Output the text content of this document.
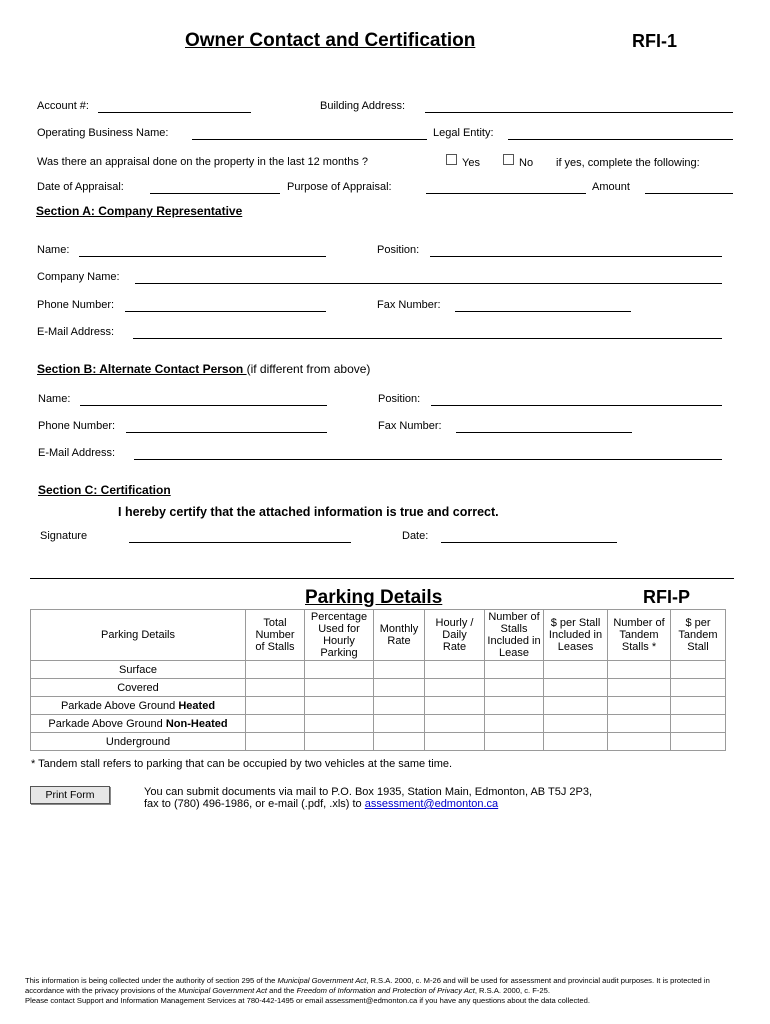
Owner Contact and Certification	RFI-1
Account #:	Building Address:
Operating Business Name:	Legal Entity:
Was there an appraisal done on the property in the last 12 months ?	Yes	No if yes, complete the following:
Date of Appraisal:	Purpose of Appraisal:	Amount
Section A: Company Representative
Name:	Position:
Company Name:
Phone Number:	Fax Number:
E-Mail Address:
Section B: Alternate Contact Person (if different from above)
Name:	Position:
Phone Number:	Fax Number:
E-Mail Address:
Section C: Certification
I hereby certify that the attached information is true and correct.
Signature	Date:
Parking Details	RFI-P
Parking Details	Total Number of Stalls	Percentage Used for Hourly Parking	Monthly Rate	Hourly / Daily Rate	Number of Stalls Included in Lease	$ per Stall Included in Leases	Number of Tandem Stalls *	$ per Tandem Stall

Surface								
Covered								
Parkade Above Ground Heated								
Parkade Above Ground Non-Heated								
Underground								
* Tandem stall refers to parking that can be occupied by two vehicles at the same time.
Print Form	You can submit documents via mail to P.O. Box 1935, Station Main, Edmonton, AB T5J 2P3,
fax to (780) 496-1986, or e-mail (.pdf, .xls) to assessment@edmonton.ca
This information is being collected under the authority of section 295 of the Municipal Government Act, R.S.A. 2000, c. M-26 and will be used for assessment and provincial audit purposes. It is protected in accordance with the privacy provisions of the Municipal Government Act and the Freedom of Information and Protection of Privacy Act, R.S.A. 2000, c. F-25.
Please contact Support and Information Management Services at 780-442-1495 or email assessment@edmonton.ca if you have any questions about the data collected.
